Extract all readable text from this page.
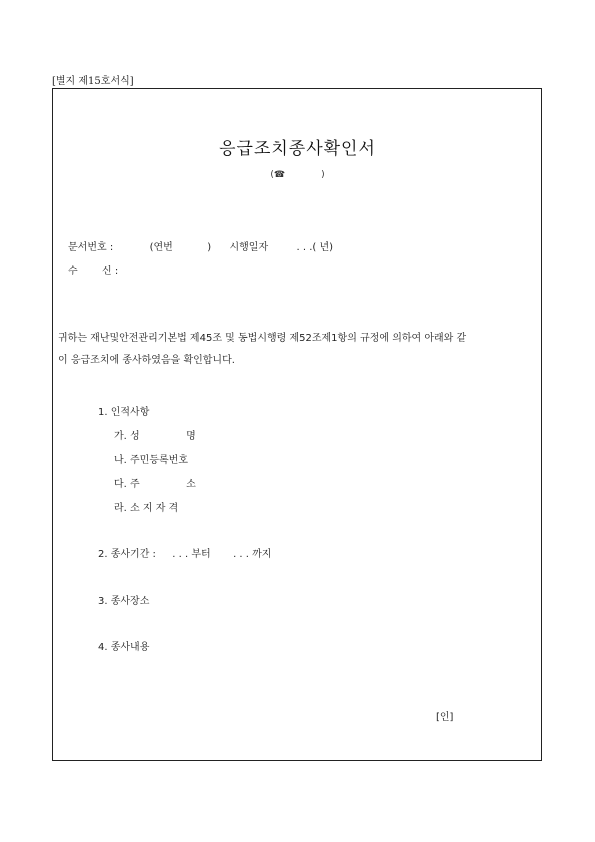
[별지 제15호서식]
응급조치종사확인서
(☎	)
문서번호 :	(연번	) 시행일자	. . .( 년)
수 신 :
귀하는 재난및안전관리기본법 제45조 및 동법시행령 제52조제1항의 규정에 의하여 아래와 같
이 응급조치에 종사하였음을 확인합니다.
1. 인적사항
가. 성	명
나. 주민등록번호
다. 주	소
라. 소 지 자 격
2. 종사기간 : . . . 부터 . . . 까지
3. 종사장소
4. 종사내용
[인]
